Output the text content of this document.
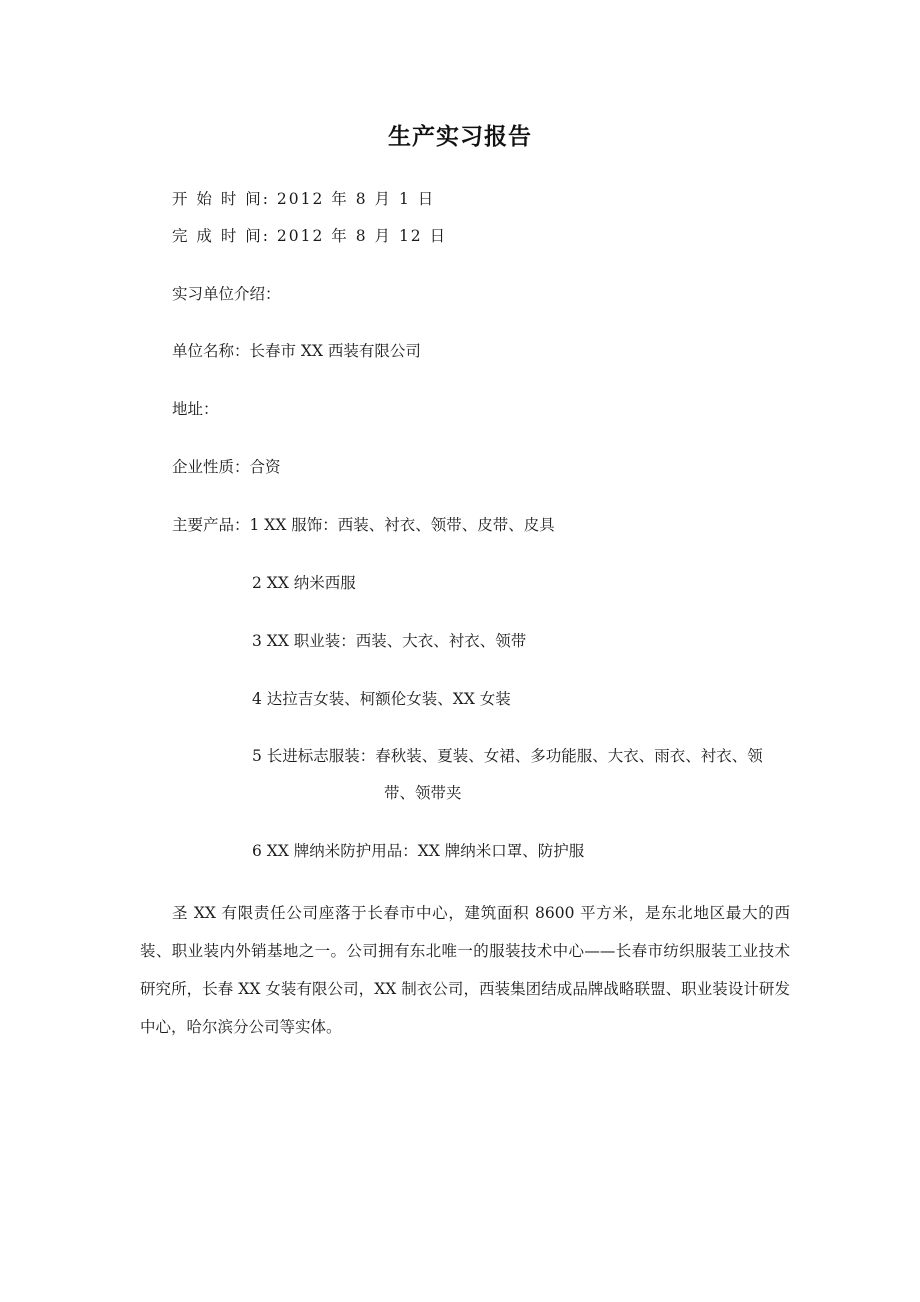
生产实习报告
开 始 时 间: 2012 年 8 月 1 日
完 成 时 间: 2012 年 8 月 12 日
实习单位介绍：
单位名称：长春市 XX 西装有限公司
地址：
企业性质：合资
主要产品：1 XX 服饰：西装、衬衣、领带、皮带、皮具
2 XX 纳米西服
3 XX 职业装：西装、大衣、衬衣、领带
4 达拉吉女装、柯额伦女装、XX 女装
5 长进标志服装：春秋装、夏装、女裙、多功能服、大衣、雨衣、衬衣、领
带、领带夹
6 XX 牌纳米防护用品：XX 牌纳米口罩、防护服
圣 XX 有限责任公司座落于长春市中心，建筑面积 8600 平方米，是东北地区最大的西装、职业装内外销基地之一。公司拥有东北唯一的服装技术中心——长春市纺织服装工业技术研究所，长春 XX 女装有限公司，XX 制衣公司，西装集团结成品牌战略联盟、职业装设计研发中心，哈尔滨分公司等实体。
